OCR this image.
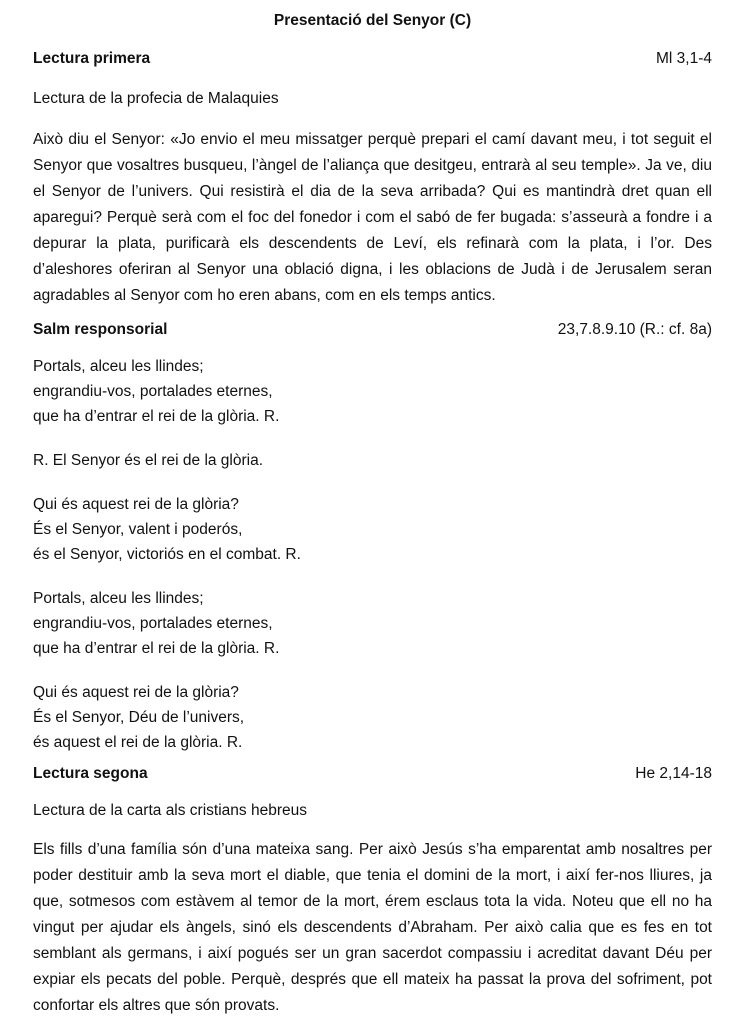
Presentació del Senyor (C)
Lectura primera	Ml 3,1-4

Lectura de la profecia de Malaquies

Això diu el Senyor: «Jo envio el meu missatger perquè prepari el camí davant meu, i tot seguit el Senyor que vosaltres busqueu, l’àngel de l’aliança que desitgeu, entrarà al seu temple». Ja ve, diu el Senyor de l’univers. Qui resistirà el dia de la seva arribada? Qui es mantindrà dret quan ell aparegui? Perquè serà com el foc del fonedor i com el sabó de fer bugada: s’asseurà a fondre i a depurar la plata, purificarà els descendents de Leví, els refinarà com la plata, i l’or. Des d’aleshores oferiran al Senyor una oblació digna, i les oblacions de Judà i de Jerusalem seran agradables al Senyor com ho eren abans, com en els temps antics.

Salm responsorial	23,7.8.9.10 (R.: cf. 8a)
Portals, alceu les llindes;
engrandiu-vos, portalades eternes,
que ha d’entrar el rei de la glòria. R.
R. El Senyor és el rei de la glòria.
Qui és aquest rei de la glòria?
És el Senyor, valent i poderós,
és el Senyor, victoriós en el combat. R.
Portals, alceu les llindes;
engrandiu-vos, portalades eternes,
que ha d’entrar el rei de la glòria. R.
Qui és aquest rei de la glòria?
És el Senyor, Déu de l’univers,
és aquest el rei de la glòria. R.
Lectura segona	He 2,14-18

Lectura de la carta als cristians hebreus

Els fills d’una família són d’una mateixa sang. Per això Jesús s’ha emparentat amb nosaltres per poder destituir amb la seva mort el diable, que tenia el domini de la mort, i així fer-nos lliures, ja que, sotmesos com estàvem al temor de la mort, érem esclaus tota la vida. Noteu que ell no ha vingut per ajudar els àngels, sinó els descendents d’Abraham. Per això calia que es fes en tot semblant als germans, i així pogués ser un gran sacerdot compassiu i acreditat davant Déu per expiar els pecats del poble. Perquè, després que ell mateix ha passat la prova del sofriment, pot confortar els altres que són provats.
